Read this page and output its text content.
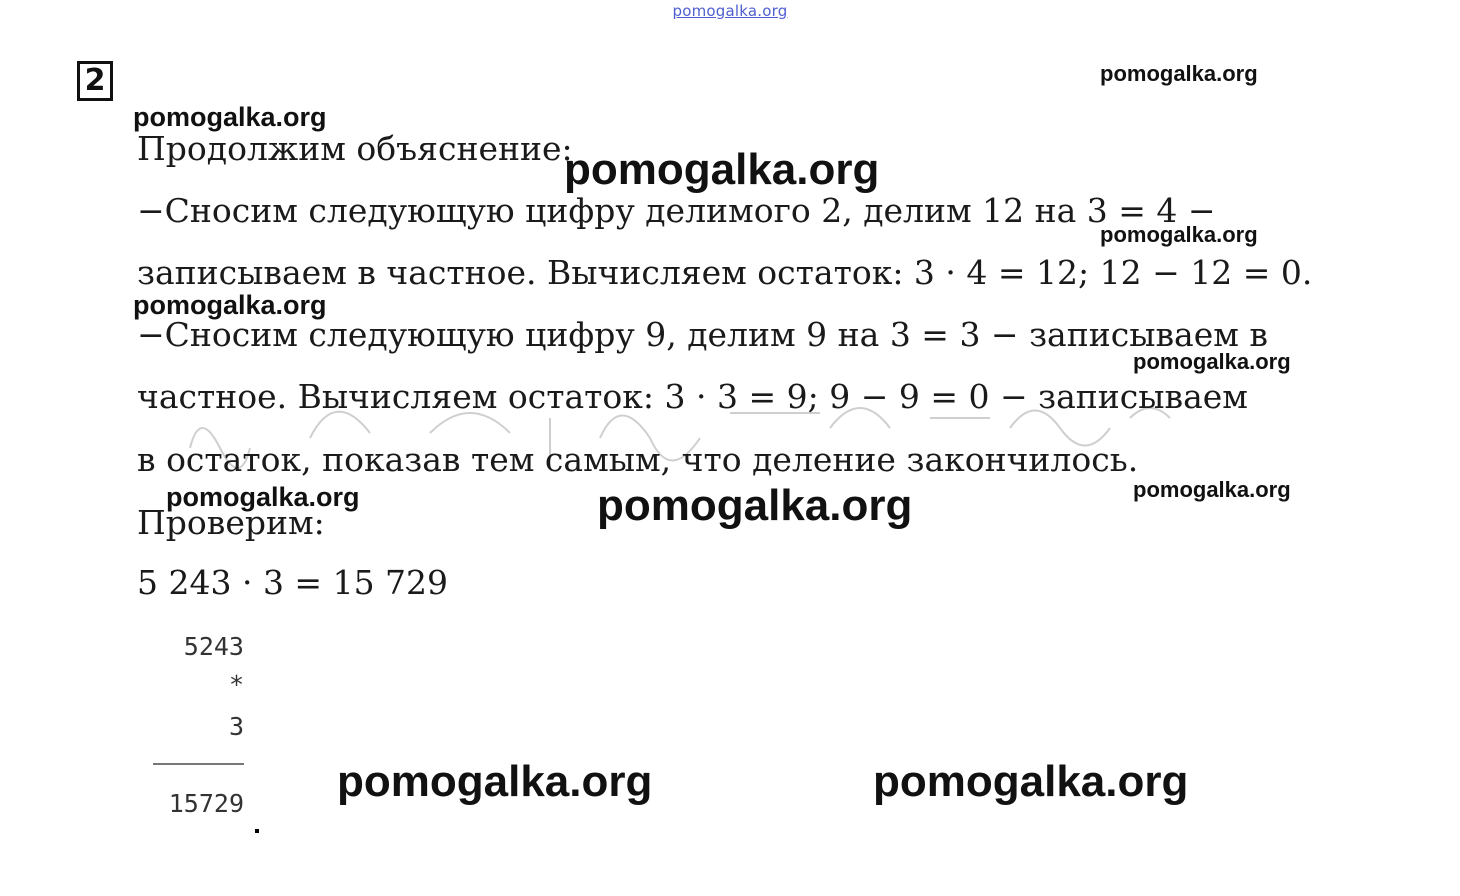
pomogalka.org
2
Продолжим объяснение:
−Сносим следующую цифру делимого 2, делим 12 на 3 = 4 −
записываем в частное. Вычисляем остаток: 3 · 4 = 12; 12 − 12 = 0.
−Сносим следующую цифру 9, делим 9 на 3 = 3 − записываем в
частное. Вычисляем остаток: 3 · 3 = 9; 9 − 9 = 0 − записываем
в остаток, показав тем самым, что деление закончилось.
Проверим:
5 243 · 3 = 15 729
5243
*
3
15729
pomogalka.org
pomogalka.org
pomogalka.org
pomogalka.org
pomogalka.org
pomogalka.org
pomogalka.org	pomogalka.org
pomogalka.org
pomogalka.org	pomogalka.org
